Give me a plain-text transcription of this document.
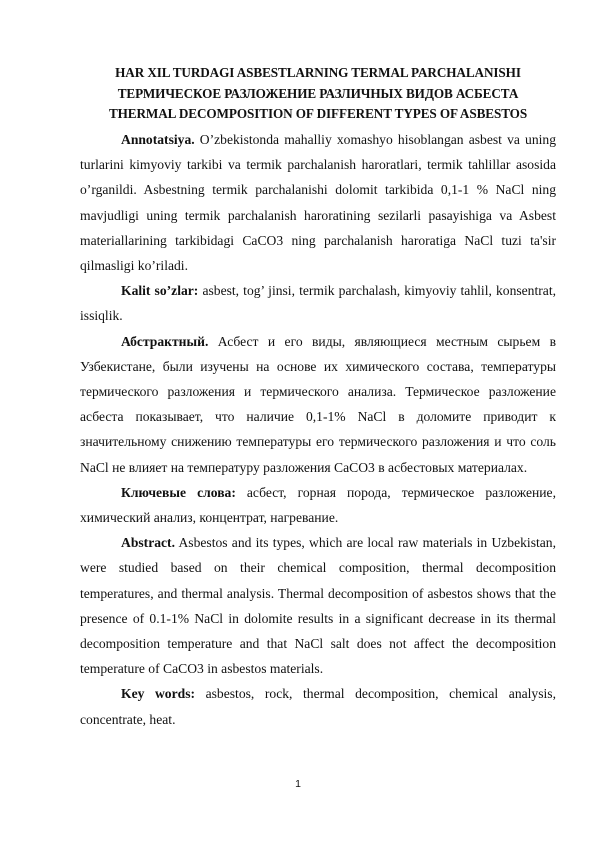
HAR XIL TURDAGI ASBESTLARNING TERMAL PARCHALANISHI
ТЕРМИЧЕСКОЕ РАЗЛОЖЕНИЕ РАЗЛИЧНЫХ ВИДОВ АСБЕСТА
THERMAL DECOMPOSITION OF DIFFERENT TYPES OF ASBESTOS

Annotatsiya. O’zbekistonda mahalliy xomashyo hisoblangan asbest va uning turlarini kimyoviy tarkibi va termik parchalanish haroratlari, termik tahlillar asosida o’rganildi. Asbestning termik parchalanishi dolomit tarkibida 0,1-1 % NaCl ning mavjudligi uning termik parchalanish haroratining sezilarli pasayishiga va Asbest materiallarining tarkibidagi CaCO3 ning parchalanish haroratiga NaCl tuzi ta'sir qilmasligi ko’riladi.

Kalit so’zlar: asbest, tog’ jinsi, termik parchalash, kimyoviy tahlil, konsentrat, issiqlik.

Абстрактный. Асбест и его виды, являющиеся местным сырьем в Узбекистане, были изучены на основе их химического состава, температуры термического разложения и термического анализа. Термическое разложение асбеста показывает, что наличие 0,1-1% NaCl в доломите приводит к значительному снижению температуры его термического разложения и что соль NaCl не влияет на температуру разложения CaCO3 в асбестовых материалах.

Ключевые слова: асбест, горная порода, термическое разложение, химический анализ, концентрат, нагревание.

Abstract. Asbestos and its types, which are local raw materials in Uzbekistan, were studied based on their chemical composition, thermal decomposition temperatures, and thermal analysis. Thermal decomposition of asbestos shows that the presence of 0.1-1% NaCl in dolomite results in a significant decrease in its thermal decomposition temperature and that NaCl salt does not affect the decomposition temperature of CaCO3 in asbestos materials.

Key words: asbestos, rock, thermal decomposition, chemical analysis, concentrate, heat.

1
